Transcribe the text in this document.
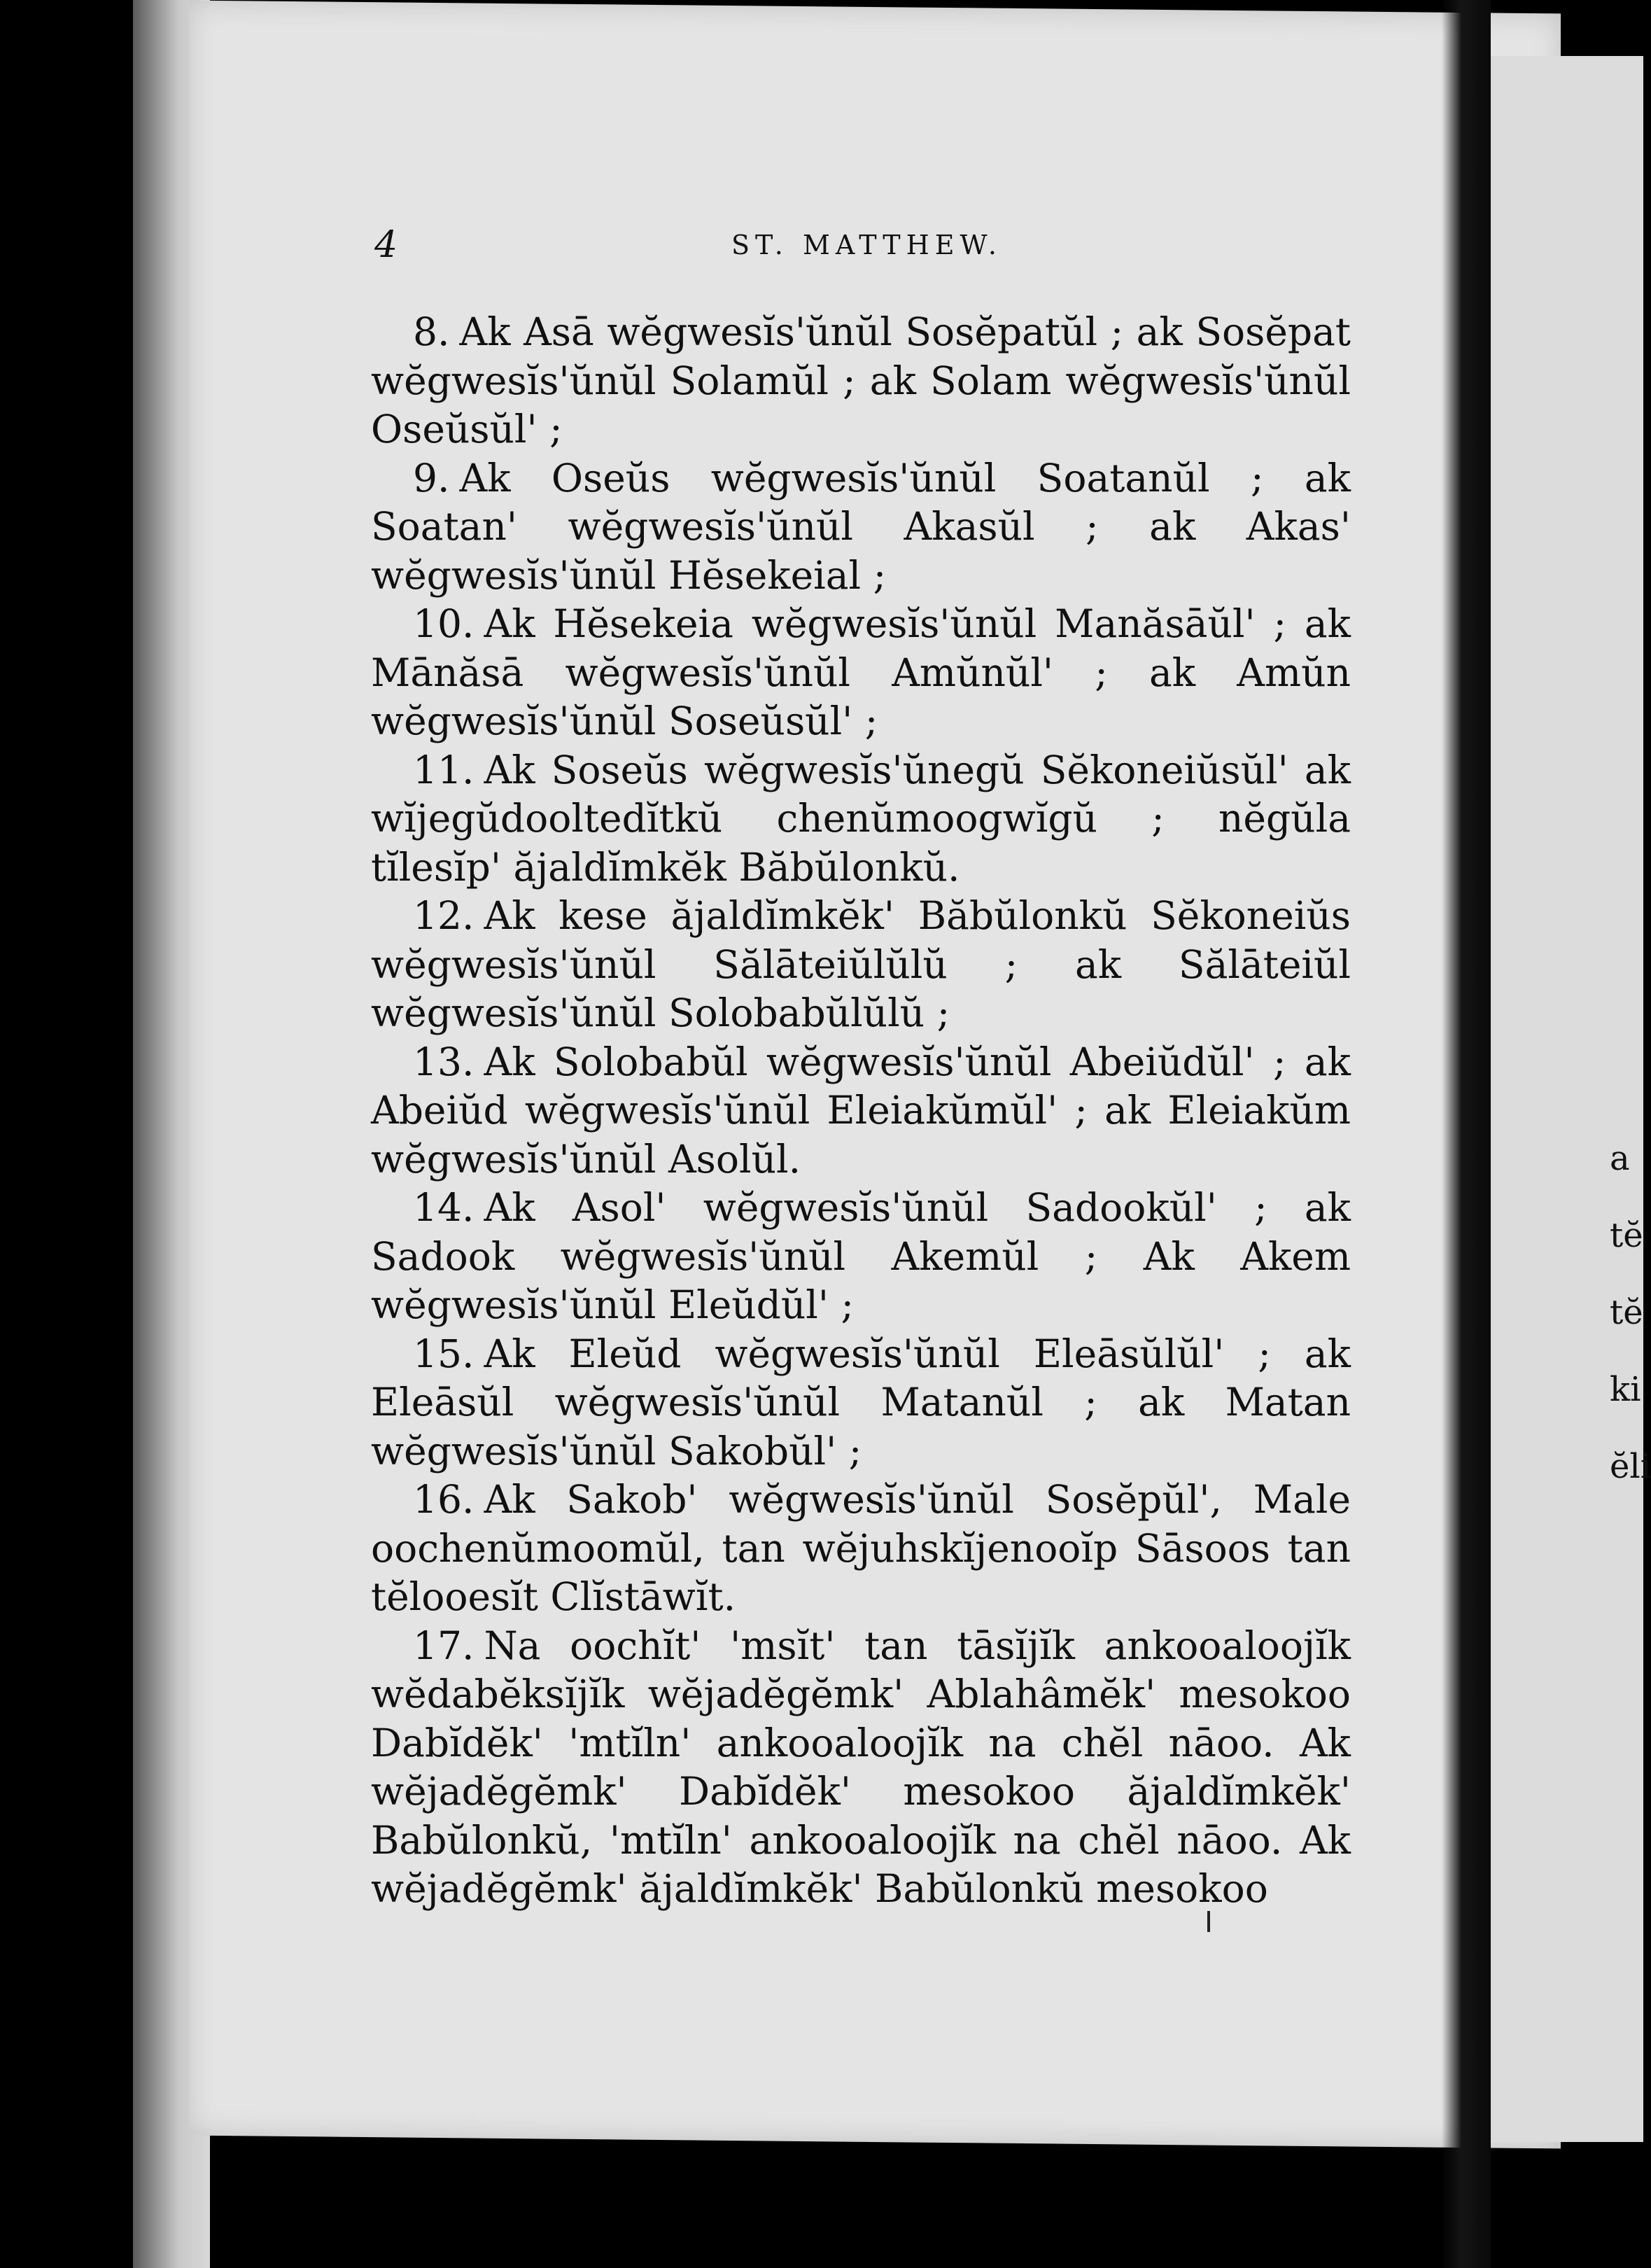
a
tĕ
tĕ
ki
ĕli
4	ST. MATTHEW.

8. Ak Asā wĕgwesĭs'ŭnŭl Sosĕpatŭl ; ak Sosĕpat wĕgwesĭs'ŭnŭl Solamŭl ; ak Solam wĕgwesĭs'ŭnŭl Oseŭsŭl' ;

9. Ak Oseŭs wĕgwesĭs'ŭnŭl Soatanŭl ; ak Soatan' wĕgwesĭs'ŭnŭl Akasŭl ; ak Akas' wĕgwesĭs'ŭnŭl Hĕsekeial ;

10. Ak Hĕsekeia wĕgwesĭs'ŭnŭl Manăsāŭl' ; ak Mānăsā wĕgwesĭs'ŭnŭl Amŭnŭl' ; ak Amŭn wĕgwesĭs'ŭnŭl Soseŭsŭl' ;

11. Ak Soseŭs wĕgwesĭs'ŭnegŭ Sĕkoneiŭsŭl' ak wĭjegŭdooltedĭtkŭ chenŭmoogwĭgŭ ; nĕgŭla tĭlesĭp' ăjaldĭmkĕk Băbŭlonkŭ.

12. Ak kese ăjaldĭmkĕk' Băbŭlonkŭ Sĕkoneiŭs wĕgwesĭs'ŭnŭl Sălāteiŭlŭlŭ ; ak Sălāteiŭl wĕgwesĭs'ŭnŭl Solobabŭlŭlŭ ;

13. Ak Solobabŭl wĕgwesĭs'ŭnŭl Abeiŭdŭl' ; ak Abeiŭd wĕgwesĭs'ŭnŭl Eleiakŭmŭl' ; ak Eleiakŭm wĕgwesĭs'ŭnŭl Asolŭl.

14. Ak Asol' wĕgwesĭs'ŭnŭl Sadookŭl' ; ak Sadook wĕgwesĭs'ŭnŭl Akemŭl ; Ak Akem wĕgwesĭs'ŭnŭl Eleŭdŭl' ;

15. Ak Eleŭd wĕgwesĭs'ŭnŭl Eleāsŭlŭl' ; ak Eleāsŭl wĕgwesĭs'ŭnŭl Matanŭl ; ak Matan wĕgwesĭs'ŭnŭl Sakobŭl' ;

16. Ak Sakob' wĕgwesĭs'ŭnŭl Sosĕpŭl', Male oochenŭmoomŭl, tan wĕjuhskĭjenooĭp Sāsoos tan tĕlooesĭt Clĭstāwĭt.

17. Na oochĭt' 'msĭt' tan tāsĭjĭk ankooaloojĭk wĕdabĕksĭjĭk wĕjadĕgĕmk' Ablahâmĕk' mesokoo Dabĭdĕk' 'mtĭln' ankooaloojĭk na chĕl nāoo. Ak wĕjadĕgĕmk' Dabĭdĕk' mesokoo ăjaldĭmkĕk' Babŭlonkŭ, 'mtĭln' ankooaloojĭk na chĕl nāoo. Ak wĕjadĕgĕmk' ăjaldĭmkĕk' Babŭlonkŭ mesokoo
